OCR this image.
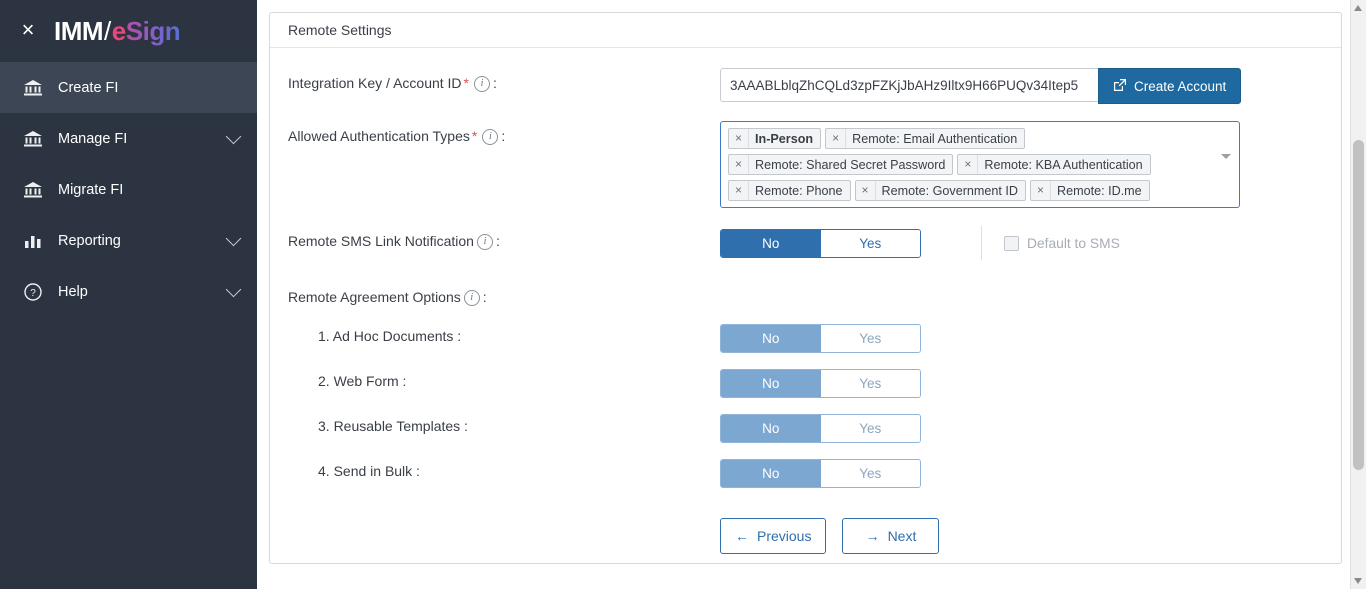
× IMM / e Sign
Create FI
Manage FI
Migrate FI
Reporting
? Help
Remote Settings
Integration Key / Account ID * i :
3AAABLblqZhCQLd3zpFZKjJbAHz9Iltx9H66PUQv34Itep5	Create Account
Allowed Authentication Types * i :	×	In-Person	×	Remote: Email Authentication
×	Remote: Shared Secret Password	×	Remote: KBA Authentication
×	Remote: Phone	×	Remote: Government ID	×	Remote: ID.me
Remote SMS Link Notification i :	No	Yes	Default to SMS
Remote Agreement Options i :
1. Ad Hoc Documents :	No	Yes
2. Web Form :	No	Yes
3. Reusable Templates :	No	Yes
4. Send in Bulk :	No	Yes
← Previous	→ Next
